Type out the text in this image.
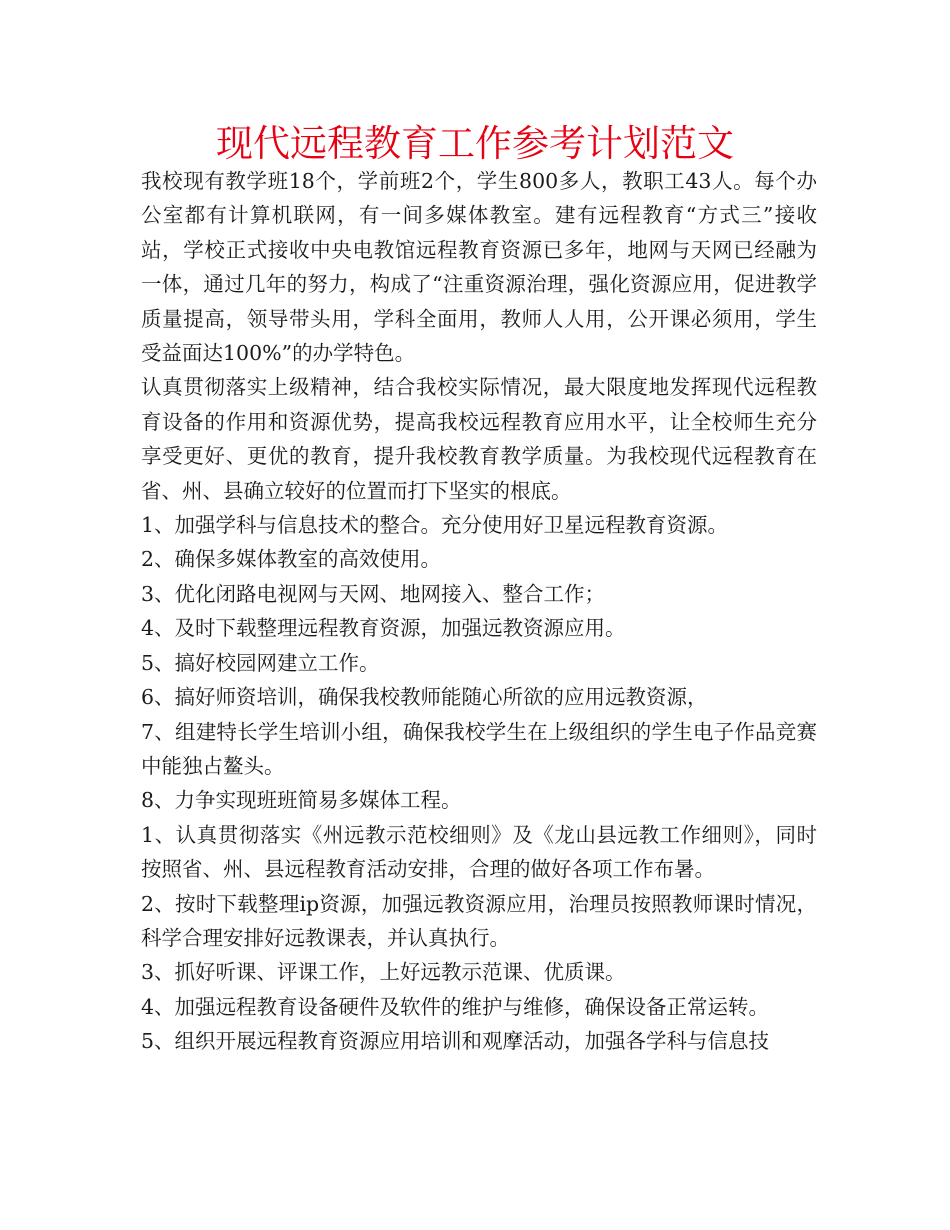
现代远程教育工作参考计划范文

我校现有教学班18个，学前班2个，学生800多人，教职工43人。每个办公室都有计算机联网，有一间多媒体教室。建有远程教育“方式三”接收站，学校正式接收中央电教馆远程教育资源已多年，地网与天网已经融为一体，通过几年的努力，构成了“注重资源治理，强化资源应用，促进教学质量提高，领导带头用，学科全面用，教师人人用，公开课必须用，学生受益面达100%”的办学特色。

认真贯彻落实上级精神，结合我校实际情况，最大限度地发挥现代远程教育设备的作用和资源优势，提高我校远程教育应用水平，让全校师生充分享受更好、更优的教育，提升我校教育教学质量。为我校现代远程教育在省、州、县确立较好的位置而打下坚实的根底。

1、加强学科与信息技术的整合。充分使用好卫星远程教育资源。

2、确保多媒体教室的高效使用。

3、优化闭路电视网与天网、地网接入、整合工作；

4、及时下载整理远程教育资源，加强远教资源应用。

5、搞好校园网建立工作。

6、搞好师资培训，确保我校教师能随心所欲的应用远教资源，

7、组建特长学生培训小组，确保我校学生在上级组织的学生电子作品竞赛中能独占鳌头。

8、力争实现班班简易多媒体工程。

1、认真贯彻落实《州远教示范校细则》及《龙山县远教工作细则》，同时按照省、州、县远程教育活动安排，合理的做好各项工作布暑。

2、按时下载整理ip资源，加强远教资源应用，治理员按照教师课时情况，科学合理安排好远教课表，并认真执行。

3、抓好听课、评课工作，上好远教示范课、优质课。

4、加强远程教育设备硬件及软件的维护与维修，确保设备正常运转。

5、组织开展远程教育资源应用培训和观摩活动，加强各学科与信息技
